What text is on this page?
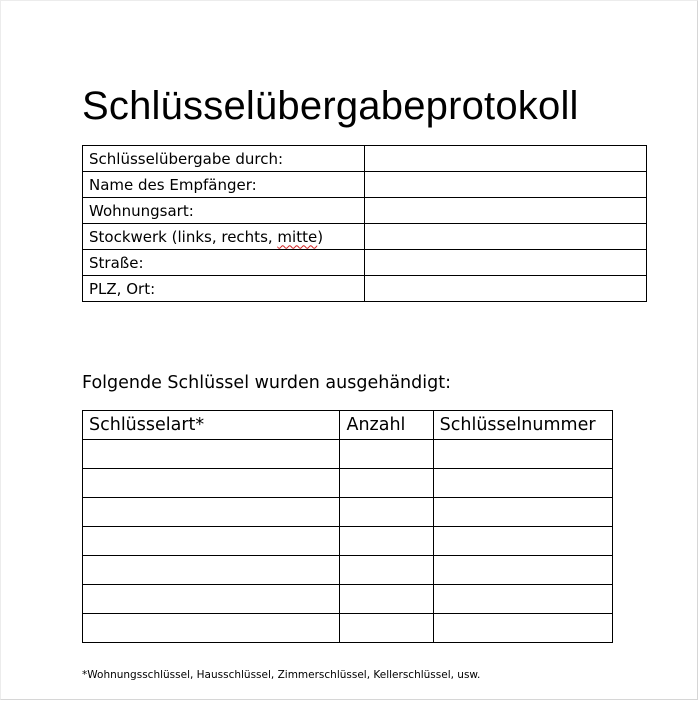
Schlüsselübergabeprotokoll
Schlüsselübergabe durch:	
Name des Empfänger:	
Wohnungsart:	
Stockwerk (links, rechts, mitte)	
Straße:	
PLZ, Ort:	
Folgende Schlüssel wurden ausgehändigt:
Schlüsselart*	Anzahl	Schlüsselnummer

*Wohnungsschlüssel, Hausschlüssel, Zimmerschlüssel, Kellerschlüssel, usw.
